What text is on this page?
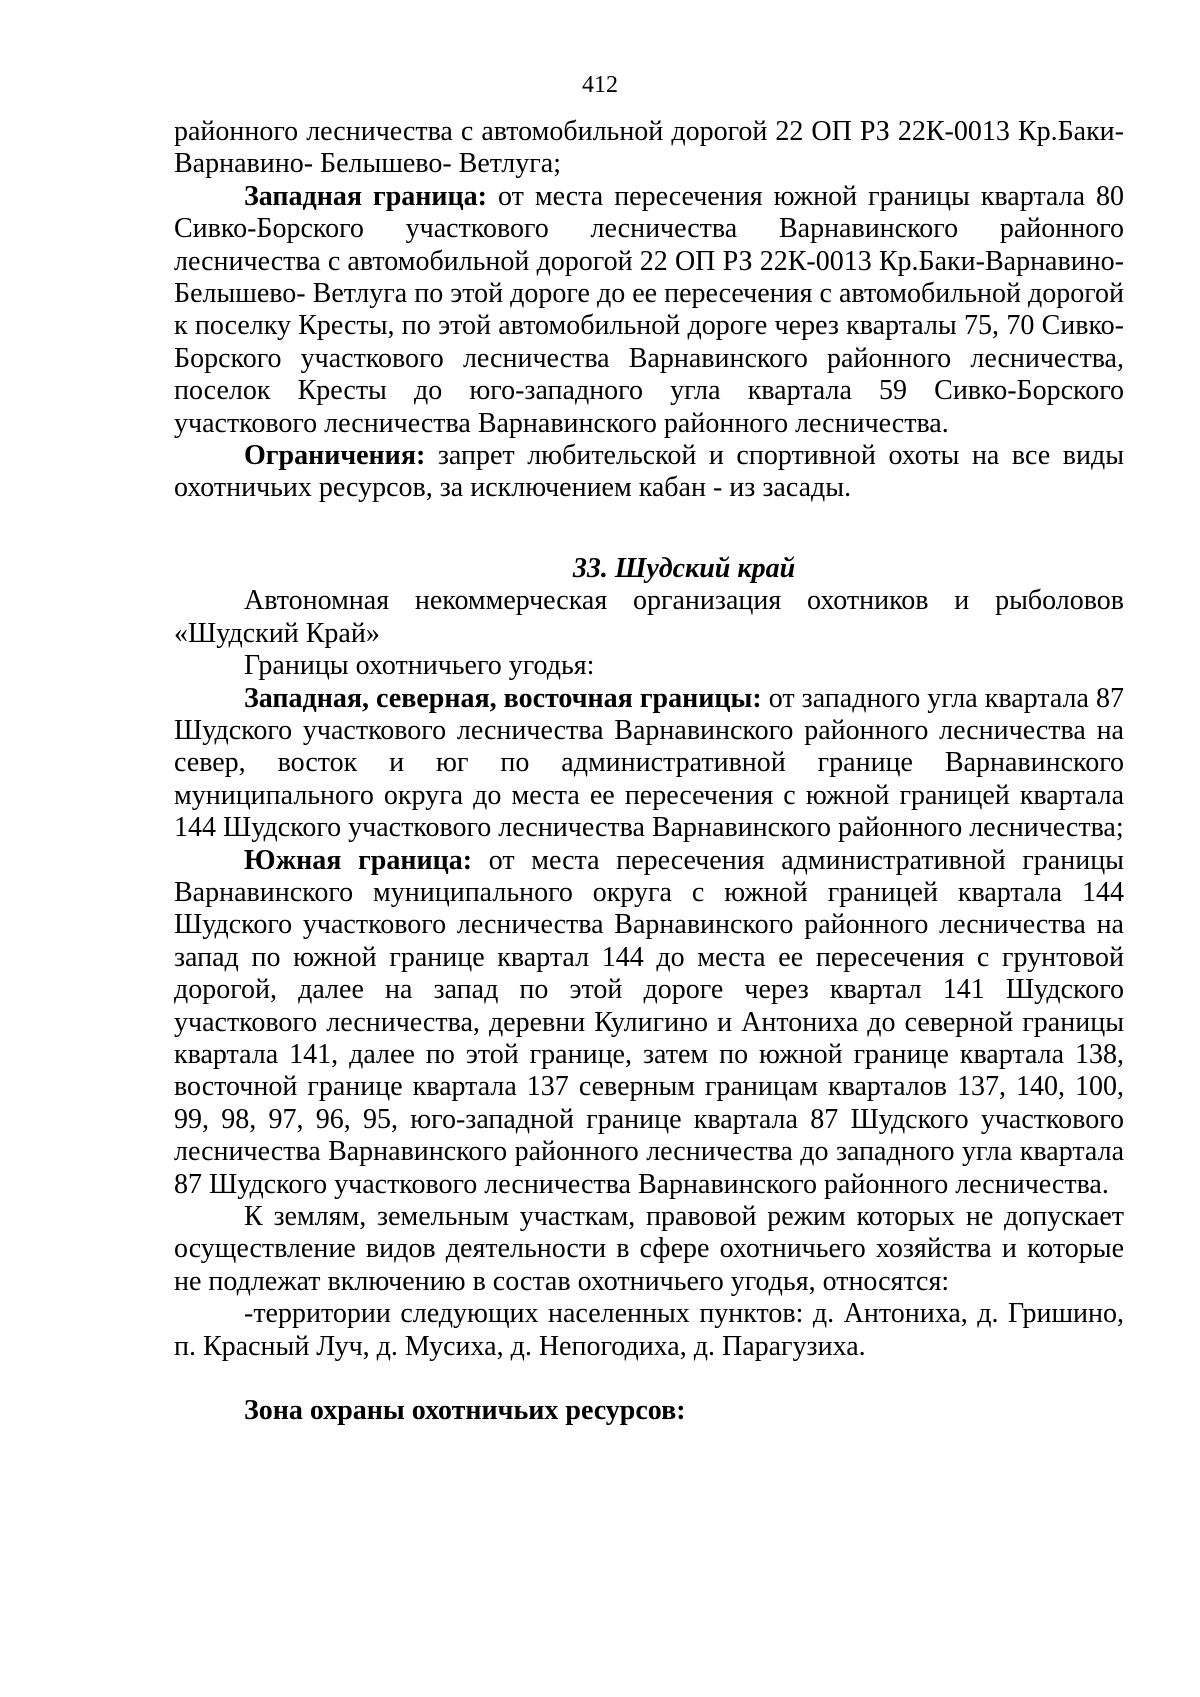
412

районного лесничества с автомобильной дорогой 22 ОП РЗ 22К-0013 Кр.Баки-Варнавино- Белышево- Ветлуга;

Западная граница: от места пересечения южной границы квартала 80 Сивко-Борского участкового лесничества Варнавинского районного лесничества с автомобильной дорогой 22 ОП РЗ 22К-0013 Кр.Баки-Варнавино- Белышево- Ветлуга по этой дороге до ее пересечения с автомобильной дорогой к поселку Кресты, по этой автомобильной дороге через кварталы 75, 70 Сивко-Борского участкового лесничества Варнавинского районного лесничества, поселок Кресты до юго-западного угла квартала 59 Сивко-Борского участкового лесничества Варнавинского районного лесничества.

Ограничения: запрет любительской и спортивной охоты на все виды охотничьих ресурсов, за исключением кабан - из засады.

33. Шудский край

Автономная некоммерческая организация охотников и рыболовов «Шудский Край»

Границы охотничьего угодья:

Западная, северная, восточная границы: от западного угла квартала 87 Шудского участкового лесничества Варнавинского районного лесничества на север, восток и юг по административной границе Варнавинского муниципального округа до места ее пересечения с южной границей квартала 144 Шудского участкового лесничества Варнавинского районного лесничества;

Южная граница: от места пересечения административной границы Варнавинского муниципального округа с южной границей квартала 144 Шудского участкового лесничества Варнавинского районного лесничества на запад по южной границе квартал 144 до места ее пересечения с грунтовой дорогой, далее на запад по этой дороге через квартал 141 Шудского участкового лесничества, деревни Кулигино и Антониха до северной границы квартала 141, далее по этой границе, затем по южной границе квартала 138, восточной границе квартала 137 северным границам кварталов 137, 140, 100, 99, 98, 97, 96, 95, юго-западной границе квартала 87 Шудского участкового лесничества Варнавинского районного лесничества до западного угла квартала 87 Шудского участкового лесничества Варнавинского районного лесничества.

К землям, земельным участкам, правовой режим которых не допускает осуществление видов деятельности в сфере охотничьего хозяйства и которые не подлежат включению в состав охотничьего угодья, относятся:

-территории следующих населенных пунктов: д. Антониха, д. Гришино, п. Красный Луч, д. Мусиха, д. Непогодиха, д. Парагузиха.

Зона охраны охотничьих ресурсов:
